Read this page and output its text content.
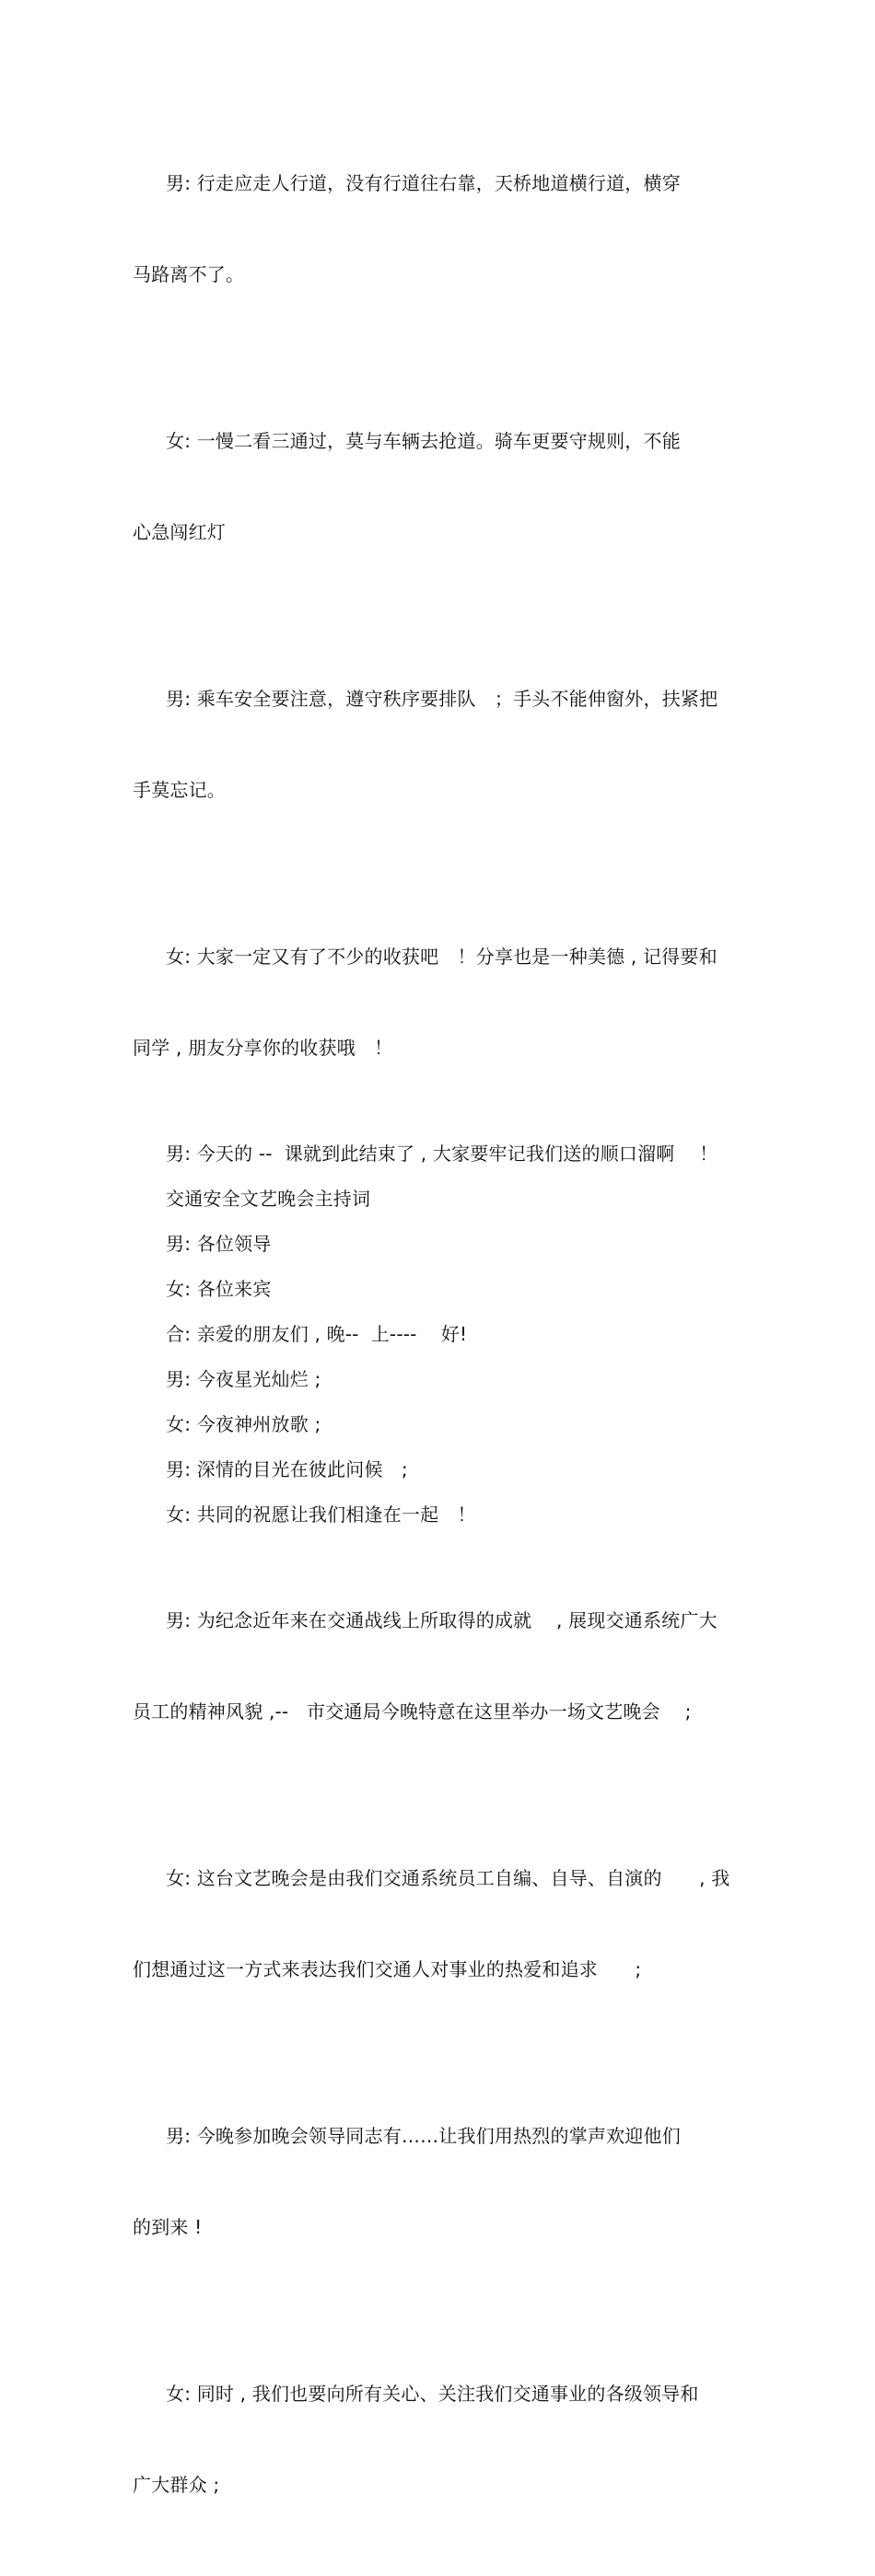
男: 行走应走人行道，没有行道往右靠，天桥地道横行道，横穿

马路离不了。

女: 一慢二看三通过，莫与车辆去抢道。骑车更要守规则，不能

心急闯红灯

男: 乘车安全要注意，遵守秩序要排队　；手头不能伸窗外，扶紧把

手莫忘记。

女: 大家一定又有了不少的收获吧　！分享也是一种美德 , 记得要和

同学 , 朋友分享你的收获哦　！

男: 今天的 --  课就到此结束了 , 大家要牢记我们送的顺口溜啊　 ！

交通安全文艺晚会主持词

男: 各位领导

女: 各位来宾

合: 亲爱的朋友们 , 晚--  上----    好!

男: 今夜星光灿烂 ;

女: 今夜神州放歌 ;

男: 深情的目光在彼此问候　;

女: 共同的祝愿让我们相逢在一起　！

男: 为纪念近年来在交通战线上所取得的成就　 , 展现交通系统广大

员工的精神风貌 ,--   市交通局今晚特意在这里举办一场文艺晚会　 ;

女: 这台文艺晚会是由我们交通系统员工自编、自导、自演的　　, 我

们想通过这一方式来表达我们交通人对事业的热爱和追求　　;

男: 今晚参加晚会领导同志有……让我们用热烈的掌声欢迎他们

的到来 !

女: 同时 , 我们也要向所有关心、关注我们交通事业的各级领导和

广大群众 ;
